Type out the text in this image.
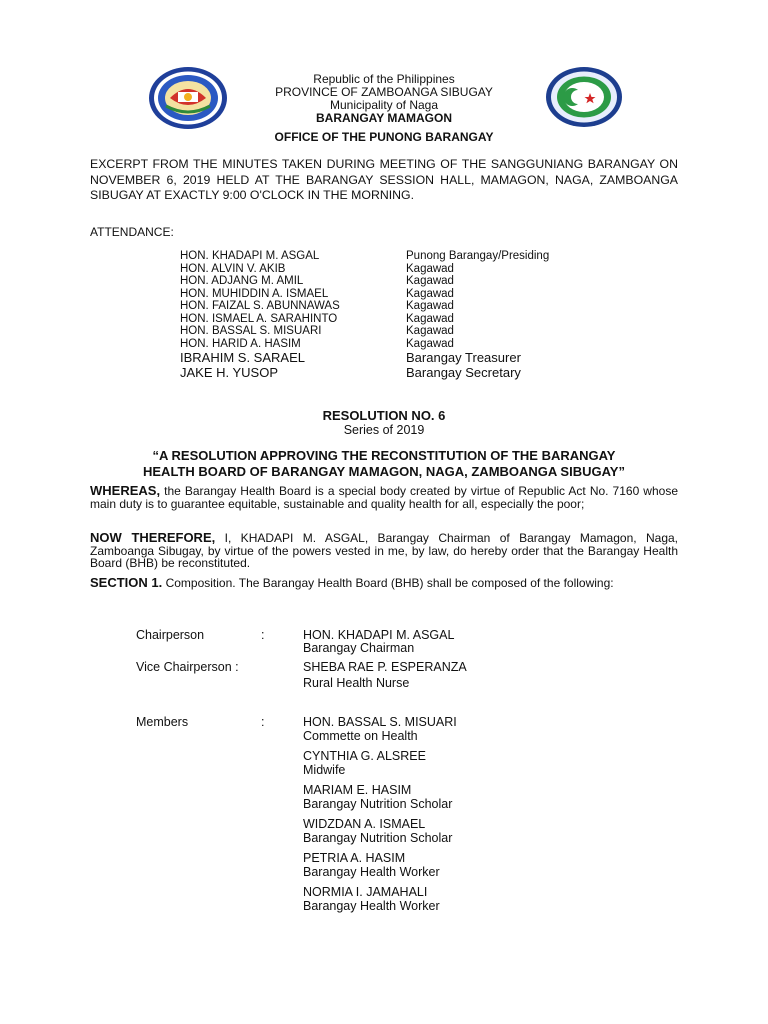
Republic of the Philippines
PROVINCE OF ZAMBOANGA SIBUGAY
Municipality of Naga
BARANGAY MAMAGON
OFFICE OF THE PUNONG BARANGAY
EXCERPT FROM THE MINUTES TAKEN DURING MEETING OF THE SANGGUNIANG BARANGAY ON NOVEMBER 6, 2019 HELD AT THE BARANGAY SESSION HALL, MAMAGON, NAGA, ZAMBOANGA SIBUGAY AT EXACTLY 9:00 O'CLOCK IN THE MORNING.
ATTENDANCE:
HON. KHADAPI M. ASGAL	Punong Barangay/Presiding
HON. ALVIN V. AKIB	Kagawad
HON. ADJANG M. AMIL	Kagawad
HON. MUHIDDIN A. ISMAEL	Kagawad
HON. FAIZAL S. ABUNNAWAS	Kagawad
HON. ISMAEL A. SARAHINTO	Kagawad
HON. BASSAL S. MISUARI	Kagawad
HON. HARID A. HASIM	Kagawad
IBRAHIM S. SARAEL	Barangay Treasurer
JAKE H. YUSOP	Barangay Secretary
RESOLUTION NO. 6
Series of 2019
“A RESOLUTION APPROVING THE RECONSTITUTION OF THE BARANGAY
HEALTH BOARD OF BARANGAY MAMAGON, NAGA, ZAMBOANGA SIBUGAY”
WHEREAS, the Barangay Health Board is a special body created by virtue of Republic Act No. 7160 whose main duty is to guarantee equitable, sustainable and quality health for all, especially the poor;
NOW THEREFORE, I, KHADAPI M. ASGAL, Barangay Chairman of Barangay Mamagon, Naga, Zamboanga Sibugay, by virtue of the powers vested in me, by law, do hereby order that the Barangay Health Board (BHB) be reconstituted.
SECTION 1. Composition. The Barangay Health Board (BHB) shall be composed of the following:
Chairperson	:	HON. KHADAPI M. ASGAL
Barangay Chairman
Vice Chairperson :	SHEBA RAE P. ESPERANZA
Rural Health Nurse
Members	:	HON. BASSAL S. MISUARI
Commette on Health
CYNTHIA G. ALSREE
Midwife
MARIAM E. HASIM
Barangay Nutrition Scholar
WIDZDAN A. ISMAEL
Barangay Nutrition Scholar
PETRIA A. HASIM
Barangay Health Worker
NORMIA I. JAMAHALI
Barangay Health Worker
